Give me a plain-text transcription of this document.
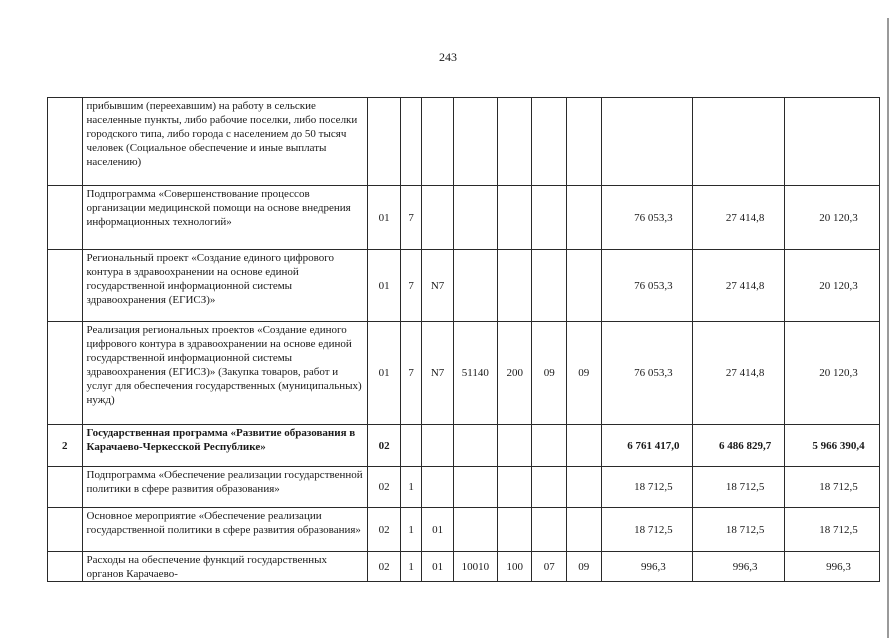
243
	прибывшим (переехавшим) на работу в сельские населенные пункты, либо рабочие поселки, либо поселки городского типа, либо города с населением до 50 тысяч человек (Социальное обеспечение и иные выплаты населению)										
	Подпрограмма «Совершенствование процессов организации медицинской помощи на основе внедрения информационных технологий»	01	7						76 053,3	27 414,8	20 120,3
	Региональный проект «Создание единого цифрового контура в здравоохранении на основе единой государственной информационной системы здравоохранения (ЕГИСЗ)»	01	7	N7					76 053,3	27 414,8	20 120,3
	Реализация региональных проектов «Создание единого цифрового контура в здравоохранении на основе единой государственной информационной системы здравоохранения (ЕГИСЗ)» (Закупка товаров, работ и услуг для обеспечения государственных (муниципальных) нужд)	01	7	N7	51140	200	09	09	76 053,3	27 414,8	20 120,3
2	Государственная программа «Развитие образования в Карачаево-Черкесской Республике»	02							6 761 417,0	6 486 829,7	5 966 390,4
	Подпрограмма «Обеспечение реализации государственной политики в сфере развития образования»	02	1						18 712,5	18 712,5	18 712,5
	Основное мероприятие «Обеспечение реализации государственной политики в сфере развития образования»	02	1	01					18 712,5	18 712,5	18 712,5
	Расходы на обеспечение функций государственных органов Карачаево-	02	1	01	10010	100	07	09	996,3	996,3	996,3
